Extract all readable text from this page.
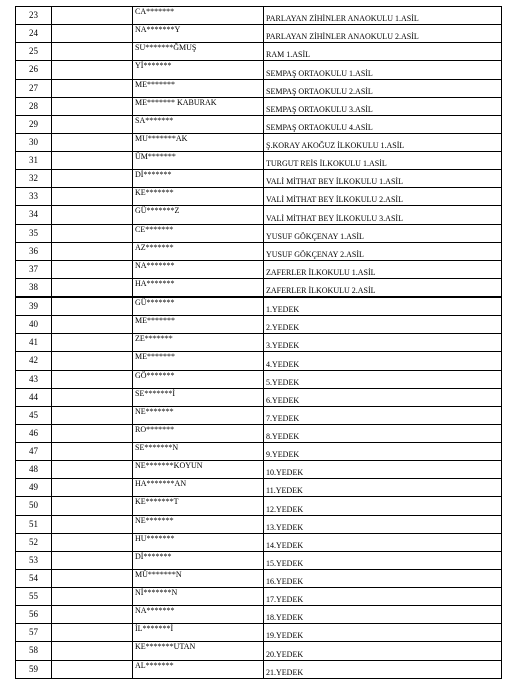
23		CA*******	PARLAYAN ZİHİNLER ANAOKULU 1.ASİL
24		NA*******Y	PARLAYAN ZİHİNLER ANAOKULU 2.ASİL
25		SU*******ĞMUŞ	RAM 1.ASİL
26		Yİ*******	SEMPAŞ ORTAOKULU 1.ASİL
27		ME*******	SEMPAŞ ORTAOKULU 2.ASİL
28		ME******* KABURAK	SEMPAŞ ORTAOKULU 3.ASİL
29		SA*******	SEMPAŞ ORTAOKULU 4.ASİL
30		MU*******AK	Ş.KORAY AKOĞUZ İLKOKULU 1.ASİL
31		ÜM*******	TURGUT REİS İLKOKULU 1.ASİL
32		Dİ*******	VALİ MİTHAT BEY İLKOKULU 1.ASİL
33		KE*******	VALİ MİTHAT BEY İLKOKULU 2.ASİL
34		GÜ*******Z	VALİ MİTHAT BEY İLKOKULU 3.ASİL
35		CE*******	YUSUF GÖKÇENAY 1.ASİL
36		AZ*******	YUSUF GÖKÇENAY 2.ASİL
37		NA*******	ZAFERLER İLKOKULU 1.ASİL
38		HA*******	ZAFERLER İLKOKULU 2.ASİL
39		GÜ*******	1.YEDEK
40		ME*******	2.YEDEK
41		ZE*******	3.YEDEK
42		ME*******	4.YEDEK
43		GÖ*******	5.YEDEK
44		SE*******İ	6.YEDEK
45		NE*******	7.YEDEK
46		RO*******	8.YEDEK
47		SE*******N	9.YEDEK
48		NE*******KOYUN	10.YEDEK
49		HA*******AN	11.YEDEK
50		KE*******T	12.YEDEK
51		NE*******	13.YEDEK
52		HU*******	14.YEDEK
53		Dİ*******	15.YEDEK
54		MÜ*******N	16.YEDEK
55		Nİ*******N	17.YEDEK
56		NA*******	18.YEDEK
57		İL*******İ	19.YEDEK
58		KE*******UTAN	20.YEDEK
59		AL*******	21.YEDEK
